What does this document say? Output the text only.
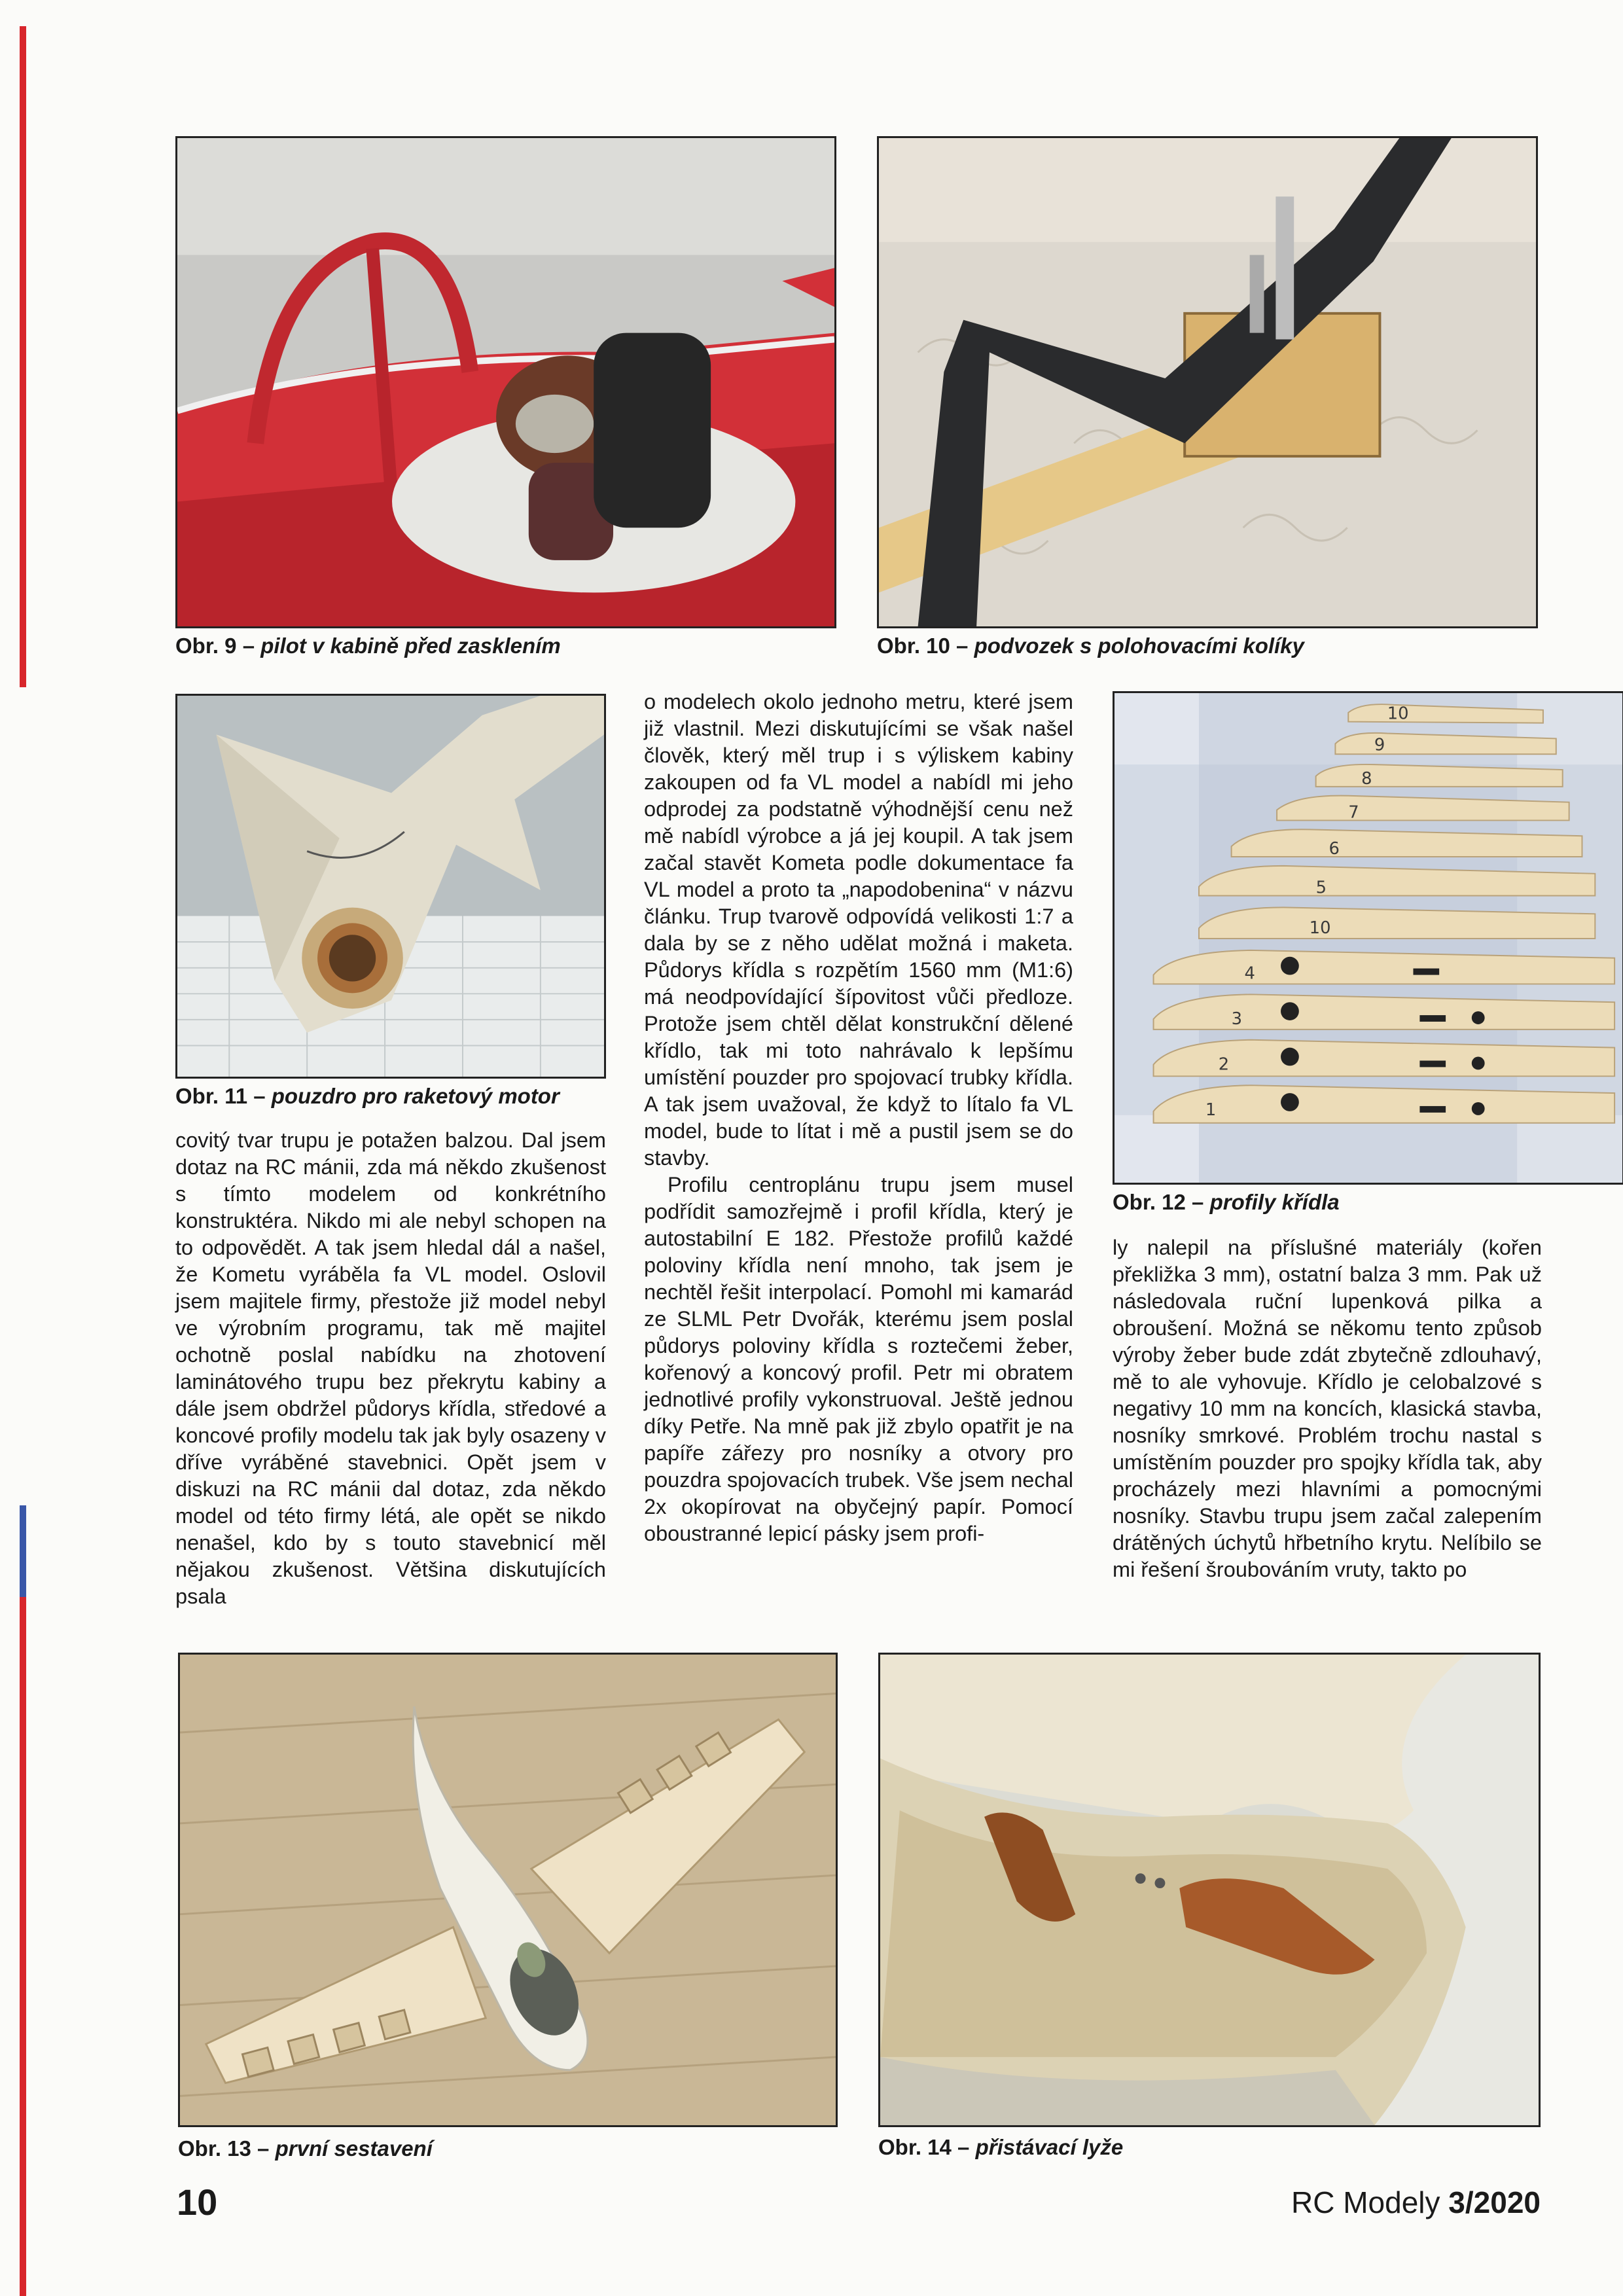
Obr. 9 – pilot v kabině před zasklením	Obr. 10 – podvozek s polohovacími kolíky
Obr. 11 – pouzdro pro raketový motor
10
9
8
7
6
5
10
4
3
2
1
Obr. 12 – profily křídla

covitý tvar trupu je potažen balzou. Dal jsem dotaz na RC mánii, zda má někdo zkušenost s tímto modelem od konkrétního konstruktéra. Nikdo mi ale nebyl schopen na to odpovědět. A tak jsem hledal dál a našel, že Kometu vyráběla fa VL model. Oslovil jsem majitele firmy, přestože již model nebyl ve výrobním programu, tak mě majitel ochotně poslal nabídku na zhotovení laminátového trupu bez překrytu kabiny a dále jsem obdržel půdorys křídla, středové a koncové profily modelu tak jak byly osazeny v dříve vyráběné stavebnici. Opět jsem v diskuzi na RC mánii dal dotaz, zda někdo model od této firmy létá, ale opět se nikdo nenašel, kdo by s touto stavebnicí měl nějakou zkušenost. Většina diskutujících psala

o modelech okolo jednoho metru, které jsem již vlastnil. Mezi diskutujícími se však našel člověk, který měl trup i s výliskem kabiny zakoupen od fa VL model a nabídl mi jeho odprodej za podstatně výhodnější cenu než mě nabídl výrobce a já jej koupil. A tak jsem začal stavět Kometa podle dokumentace fa VL model a proto ta „napodobenina“ v názvu článku. Trup tvarově odpovídá velikosti 1:7 a dala by se z něho udělat možná i maketa. Půdorys křídla s rozpětím 1560 mm (M1:6) má neodpovídající šípovitost vůči předloze. Protože jsem chtěl dělat konstrukční dělené křídlo, tak mi toto nahrávalo k lepšímu umístění pouzder pro spojovací trubky křídla. A tak jsem uvažoval, že když to lítalo fa VL model, bude to lítat i mě a pustil jsem se do stavby.

Profilu centroplánu trupu jsem musel podřídit samozřejmě i profil křídla, který je autostabilní E 182. Přestože profilů každé poloviny křídla není mnoho, tak jsem je nechtěl řešit interpolací. Pomohl mi kamarád ze SLML Petr Dvořák, kterému jsem poslal půdorys poloviny křídla s roztečemi žeber, kořenový a koncový profil. Petr mi obratem jednotlivé profily vykonstruoval. Ještě jednou díky Petře. Na mně pak již zbylo opatřit je na papíře zářezy pro nosníky a otvory pro pouzdra spojovacích trubek. Vše jsem nechal 2x okopírovat na obyčejný papír. Pomocí oboustranné lepicí pásky jsem profi-

ly nalepil na příslušné materiály (kořen překližka 3 mm), ostatní balza 3 mm. Pak už následovala ruční lupenková pilka a obroušení. Možná se někomu tento způsob výroby žeber bude zdát zbytečně zdlouhavý, mě to ale vyhovuje. Křídlo je celobalzové s negativy 10 mm na koncích, klasická stavba, nosníky smrkové. Problém trochu nastal s umístěním pouzder pro spojky křídla tak, aby procházely mezi hlavními a pomocnými nosníky. Stavbu trupu jsem začal zalepením drátěných úchytů hřbetního krytu. Nelíbilo se mi řešení šroubováním vruty, takto po

Obr. 13 – první sestavení	Obr. 14 – přistávací lyže
10	RC Modely 3/2020
